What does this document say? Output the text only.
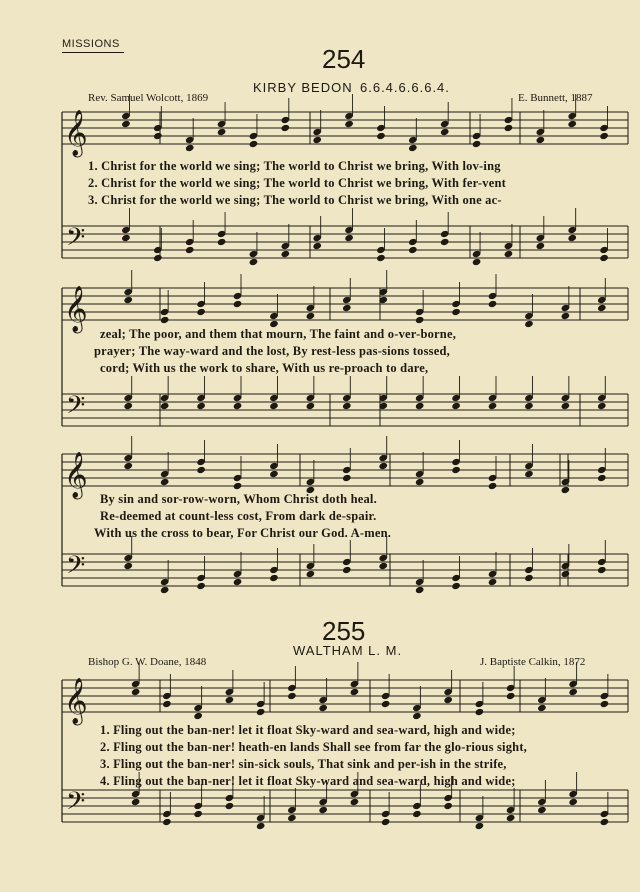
MISSIONS	254
KIRBY BEDON 6.6.4.6.6.6.4.
Rev. Samuel Wolcott, 1869	E. Bunnett, 1887
𝄞
𝄢
𝄞
𝄢
𝄞
𝄢
𝄞
𝄢
1. Christ for the world we sing; The world to Christ we bring, With lov-ing
2. Christ for the world we sing; The world to Christ we bring, With fer-vent
3. Christ for the world we sing; The world to Christ we bring, With one ac-
zeal; The poor, and them that mourn, The faint and o-ver-borne,
prayer; The way-ward and the lost, By rest-less pas-sions tossed,
cord; With us the work to share, With us re-proach to dare,
By sin and sor-row-worn, Whom Christ doth heal.
Re-deemed at count-less cost, From dark de-spair.
With us the cross to bear, For Christ our God. A-men.
255
WALTHAM L. M.
Bishop G. W. Doane, 1848	J. Baptiste Calkin, 1872
1. Fling out the ban-ner! let it float Sky-ward and sea-ward, high and wide;
2. Fling out the ban-ner! heath-en lands Shall see from far the glo-rious sight,
3. Fling out the ban-ner! sin-sick souls, That sink and per-ish in the strife,
4. Fling out the ban-ner! let it float Sky-ward and sea-ward, high and wide;
